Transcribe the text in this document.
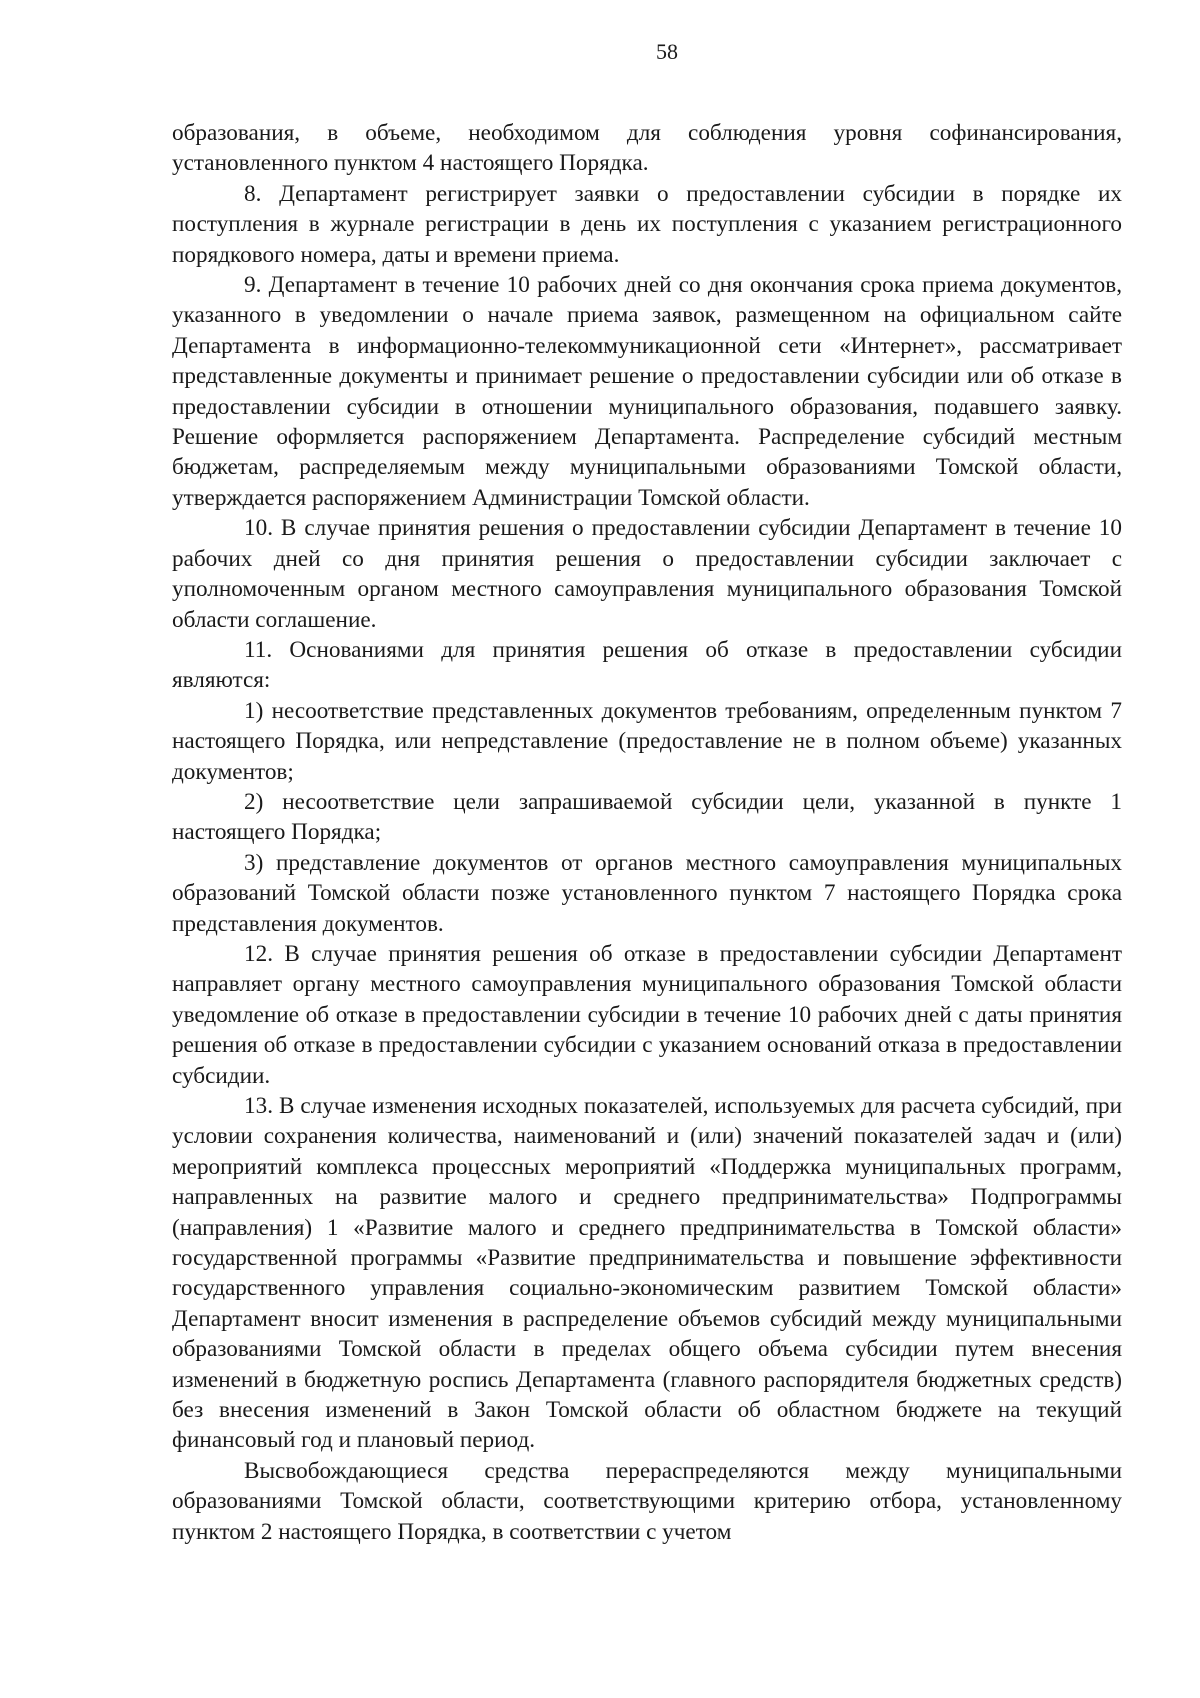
58

образования, в объеме, необходимом для соблюдения уровня софинансирования, установленного пунктом 4 настоящего Порядка.

8. Департамент регистрирует заявки о предоставлении субсидии в порядке их поступления в журнале регистрации в день их поступления с указанием регистрационного порядкового номера, даты и времени приема.

9. Департамент в течение 10 рабочих дней со дня окончания срока приема документов, указанного в уведомлении о начале приема заявок, размещенном на официальном сайте Департамента в информационно-телекоммуникационной сети «Интернет», рассматривает представленные документы и принимает решение о предоставлении субсидии или об отказе в предоставлении субсидии в отношении муниципального образования, подавшего заявку. Решение оформляется распоряжением Департамента. Распределение субсидий местным бюджетам, распределяемым между муниципальными образованиями Томской области, утверждается распоряжением Администрации Томской области.

10. В случае принятия решения о предоставлении субсидии Департамент в течение 10 рабочих дней со дня принятия решения о предоставлении субсидии заключает с уполномоченным органом местного самоуправления муниципального образования Томской области соглашение.

11. Основаниями для принятия решения об отказе в предоставлении субсидии являются:

1) несоответствие представленных документов требованиям, определенным пунктом 7 настоящего Порядка, или непредставление (предоставление не в полном объеме) указанных документов;

2) несоответствие цели запрашиваемой субсидии цели, указанной в пункте 1 настоящего Порядка;

3) представление документов от органов местного самоуправления муниципальных образований Томской области позже установленного пунктом 7 настоящего Порядка срока представления документов.

12. В случае принятия решения об отказе в предоставлении субсидии Департамент направляет органу местного самоуправления муниципального образования Томской области уведомление об отказе в предоставлении субсидии в течение 10 рабочих дней с даты принятия решения об отказе в предоставлении субсидии с указанием оснований отказа в предоставлении субсидии.

13. В случае изменения исходных показателей, используемых для расчета субсидий, при условии сохранения количества, наименований и (или) значений показателей задач и (или) мероприятий комплекса процессных мероприятий «Поддержка муниципальных программ, направленных на развитие малого и среднего предпринимательства» Подпрограммы (направления) 1 «Развитие малого и среднего предпринимательства в Томской области» государственной программы «Развитие предпринимательства и повышение эффективности государственного управления социально-экономическим развитием Томской области» Департамент вносит изменения в распределение объемов субсидий между муниципальными образованиями Томской области в пределах общего объема субсидии путем внесения изменений в бюджетную роспись Департамента (главного распорядителя бюджетных средств) без внесения изменений в Закон Томской области об областном бюджете на текущий финансовый год и плановый период.

Высвобождающиеся средства перераспределяются между муниципальными образованиями Томской области, соответствующими критерию отбора, установленному пунктом 2 настоящего Порядка, в соответствии с учетом
